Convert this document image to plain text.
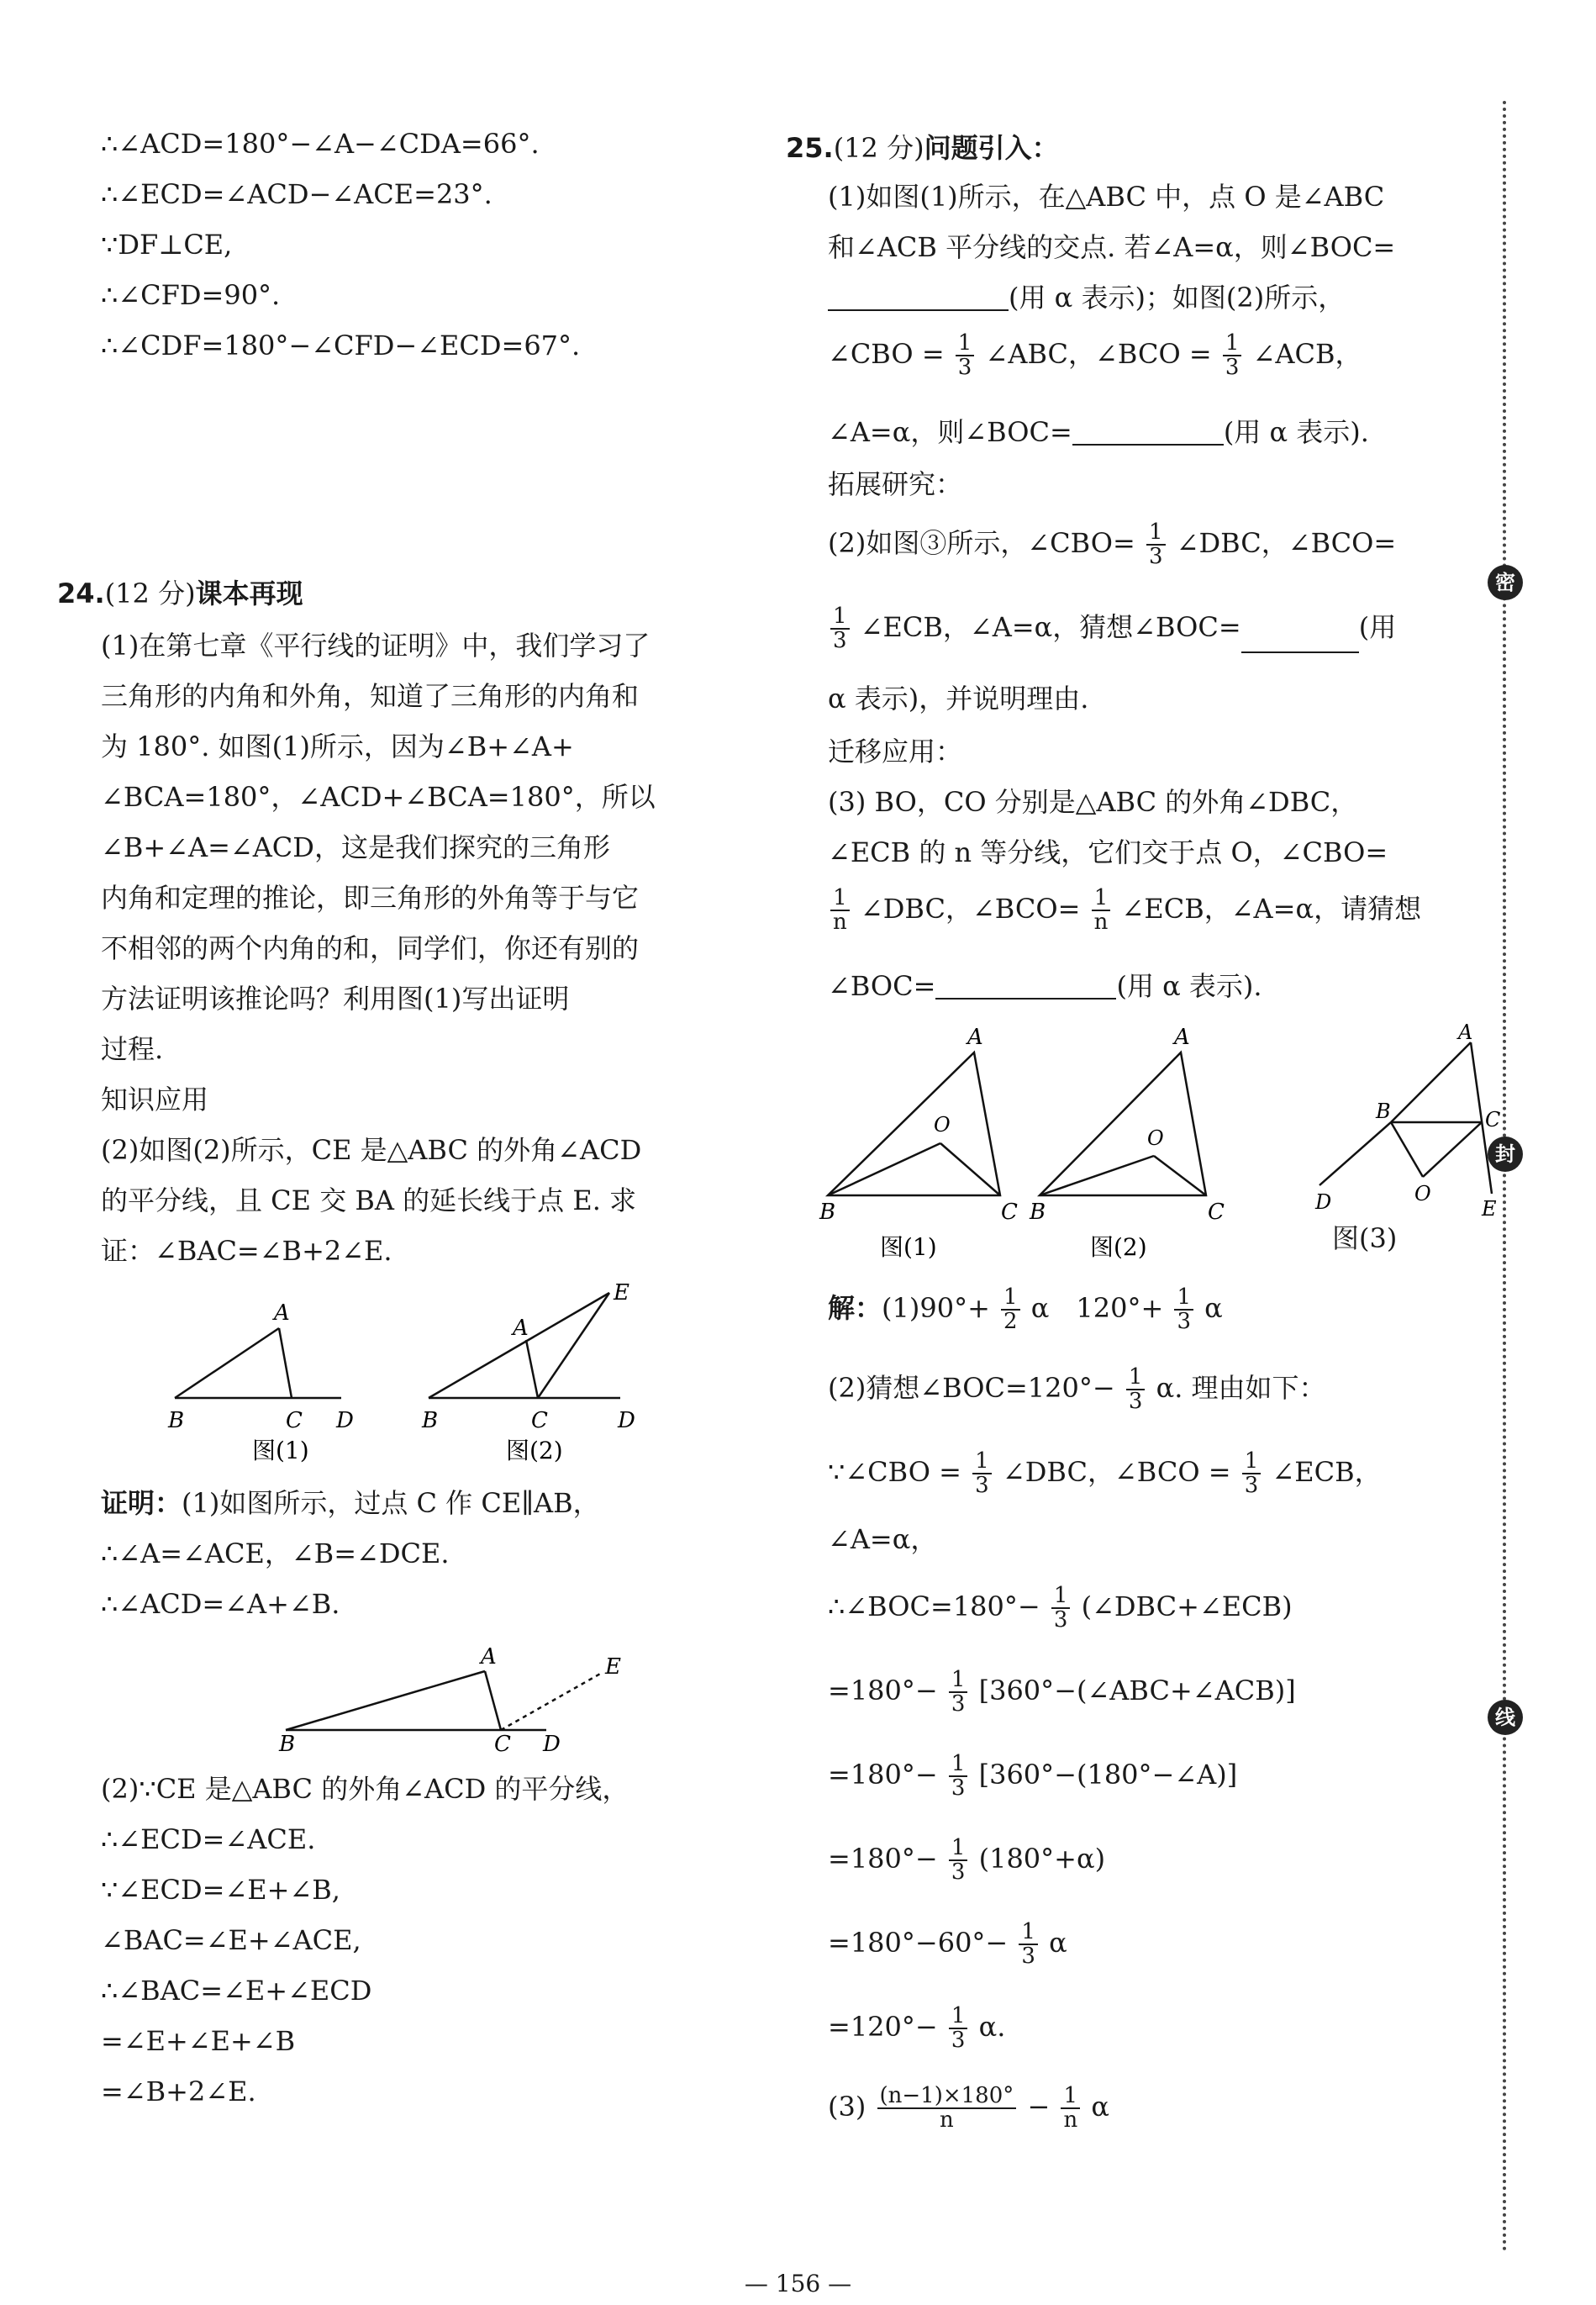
∴∠ACD=180°−∠A−∠CDA=66°.
∴∠ECD=∠ACD−∠ACE=23°.
∵DF⊥CE,
∴∠CFD=90°.
∴∠CDF=180°−∠CFD−∠ECD=67°.
24.(12 分)课本再现
(1)在第七章《平行线的证明》中，我们学习了
三角形的内角和外角，知道了三角形的内角和
为 180°. 如图(1)所示，因为∠B+∠A+
∠BCA=180°，∠ACD+∠BCA=180°，所以
∠B+∠A=∠ACD，这是我们探究的三角形
内角和定理的推论，即三角形的外角等于与它
不相邻的两个内角的和，同学们，你还有别的
方法证明该推论吗？利用图(1)写出证明
过程.
知识应用
(2)如图(2)所示，CE 是△ABC 的外角∠ACD
的平分线，且 CE 交 BA 的延长线于点 E. 求
证：∠BAC=∠B+2∠E.
A
B	C D
图(1)
A
E
B	C	D
图(2)
证明：(1)如图所示，过点 C 作 CE∥AB，
∴∠A=∠ACE，∠B=∠DCE.
∴∠ACD=∠A+∠B.
A	E
B	C D
(2)∵CE 是△ABC 的外角∠ACD 的平分线，
∴∠ECD=∠ACE.
∵∠ECD=∠E+∠B,
∠BAC=∠E+∠ACE,
∴∠BAC=∠E+∠ECD
=∠E+∠E+∠B
=∠B+2∠E.
25.(12 分)问题引入：
(1)如图(1)所示，在△ABC 中，点 O 是∠ABC
和∠ACB 平分线的交点. 若∠A=α，则∠BOC=
(用 α 表示)；如图(2)所示，
∠CBO = $\frac{1}{3}$ ∠ABC，∠BCO = $\frac{1}{3}$ ∠ACB，
∠A=α，则∠BOC=	(用 α 表示).
拓展研究：
(2)如图③所示，∠CBO= $\frac{1}{3}$ ∠DBC，∠BCO=
$\frac{1}{3}$ ∠ECB，∠A=α，猜想∠BOC=	(用
α 表示)，并说明理由.
迁移应用：
(3) BO，CO 分别是△ABC 的外角∠DBC，
∠ECB 的 n 等分线，它们交于点 O，∠CBO=
$\frac{1}{n}$ ∠DBC，∠BCO= $\frac{1}{n}$ ∠ECB，∠A=α，请猜想
∠BOC=	(用 α 表示).
A
O
B	C
图(1)
A
O
B	C
图(2)
A
B	C
D	O
E
图(3)
解：$(1)90^\circ+ \frac{1}{2}$ α　$120^\circ+ \frac{1}{3}$ α
(2)猜想∠BOC=120°− $\frac{1}{3} \alpha$. 理由如下：
∵∠CBO = $\frac{1}{3}$ ∠DBC，∠BCO = $\frac{1}{3}$ ∠ECB，
∠A=α，
∴∠BOC=180°− $\frac{1}{3}$ (∠DBC+∠ECB)
$=180^\circ- \frac{1}{3}$ [360°−(∠ABC+∠ACB)]
$=180^\circ- \frac{1}{3}$ [360°−(180°−∠A)]
$=180^\circ- \frac{1}{3} (180^\circ+\alpha)$
$=180^\circ-60^\circ- \frac{1}{3}$ α
$=120^\circ- \frac{1}{3} \alpha$.
$(3) \frac{(n-1)\times 180^\circ}{n} - \frac{1}{n}$ α
密
封
线
— 156 —
